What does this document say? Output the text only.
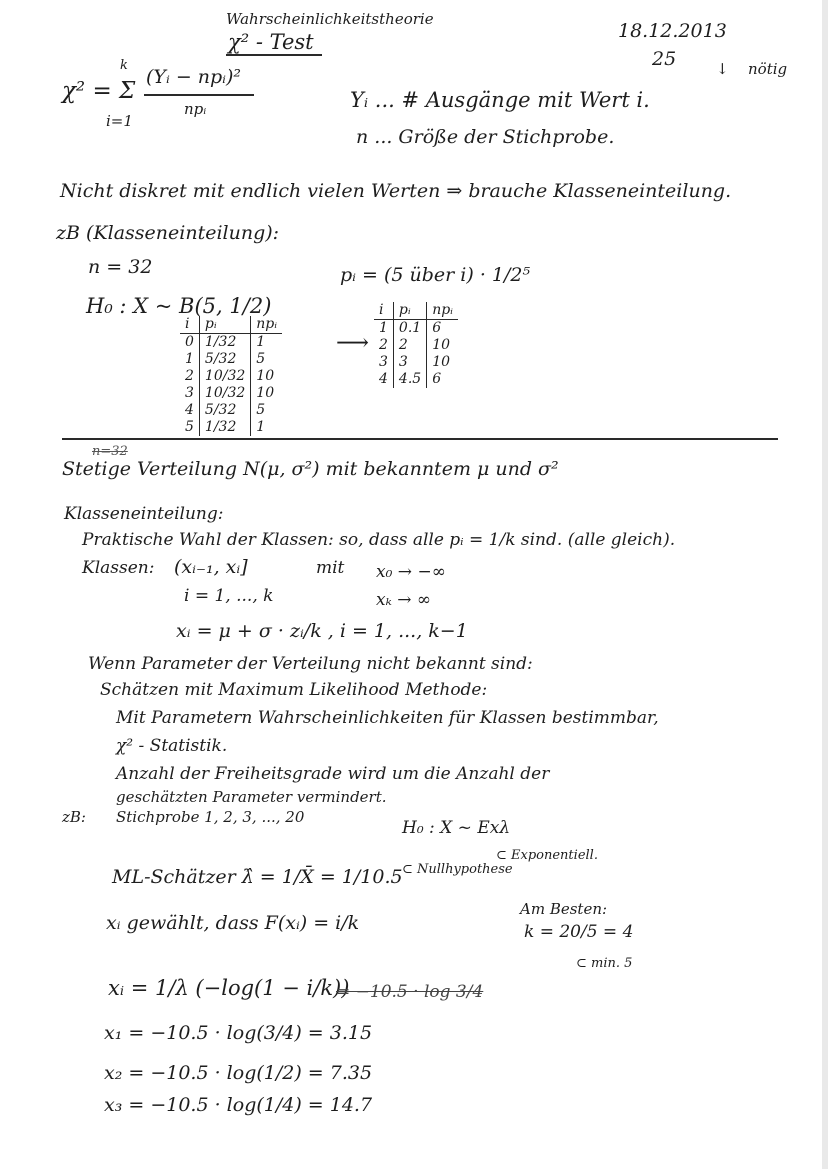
Wahrscheinlichkeitstheorie
χ² - Test	18.12.2013
25	↓ nötig
χ² = Σ
k
i=1
(Yᵢ − npᵢ)²
npᵢ	Yᵢ ... # Ausgänge mit Wert i.
n ... Größe der Stichprobe.
Nicht diskret mit endlich vielen Werten ⇒ brauche Klasseneinteilung.
zB (Klasseneinteilung):
n = 32
H₀ : X ~ B(5, 1/2)
pᵢ = (5 über i) · 1/2⁵
i	pᵢ	npᵢ
0	1/32	1
1	5/32	5
2	10/32	10
3	10/32	10
4	5/32	5
5	1/32	1
⟶
i	pᵢ	npᵢ
1	0.1	6
2	2	10
3	3	10
4	4.5	6
n=32
Stetige Verteilung N(μ, σ²) mit bekanntem μ und σ²
Klasseneinteilung:
Praktische Wahl der Klassen: so, dass alle pᵢ = 1/k sind. (alle gleich).
Klassen: (xᵢ₋₁, xᵢ]	mit x₀ → −∞
i = 1, ..., k	xₖ → ∞
xᵢ = μ + σ · zᵢ/k , i = 1, ..., k−1
Wenn Parameter der Verteilung nicht bekannt sind:
Schätzen mit Maximum Likelihood Methode:
Mit Parametern Wahrscheinlichkeiten für Klassen bestimmbar,
χ² - Statistik.
Anzahl der Freiheitsgrade wird um die Anzahl der
geschätzten Parameter vermindert.
zB: Stichprobe 1, 2, 3, ..., 20
H₀ : X ~ Exλ
⊂ Exponentiell.
⊂ Nullhypothese
ML-Schätzer λ̂ = 1/X̄ = 1/10.5
xᵢ gewählt, dass F(xᵢ) = i/k
Am Besten:
k = 20/5 = 4
⊂ min. 5
xᵢ = 1/λ (−log(1 − i/k))
= −10.5 · log 3/4
x₁ = −10.5 · log(3/4) = 3.15
x₂ = −10.5 · log(1/2) = 7.35
x₃ = −10.5 · log(1/4) = 14.7
